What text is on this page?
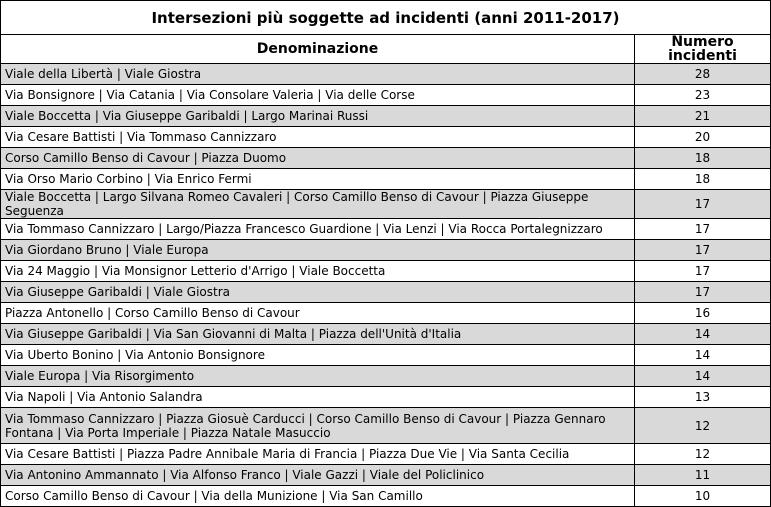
Intersezioni più soggette ad incidenti (anni 2011-2017)	
Denominazione	Numero incidenti
Viale della Libertà | Viale Giostra	28
Via Bonsignore | Via Catania | Via Consolare Valeria | Via delle Corse	23
Viale Boccetta | Via Giuseppe Garibaldi | Largo Marinai Russi	21
Via Cesare Battisti | Via Tommaso Cannizzaro	20
Corso Camillo Benso di Cavour | Piazza Duomo	18
Via Orso Mario Corbino | Via Enrico Fermi	18
Viale Boccetta | Largo Silvana Romeo Cavaleri | Corso Camillo Benso di Cavour | Piazza Giuseppe Seguenza	17
Via Tommaso Cannizzaro | Largo/Piazza Francesco Guardione | Via Lenzi | Via Rocca Portalegnizzaro	17
Via Giordano Bruno | Viale Europa	17
Via 24 Maggio | Via Monsignor Letterio d'Arrigo | Viale Boccetta	17
Via Giuseppe Garibaldi | Viale Giostra	17
Piazza Antonello | Corso Camillo Benso di Cavour	16
Via Giuseppe Garibaldi | Via San Giovanni di Malta | Piazza dell'Unità d'Italia	14
Via Uberto Bonino | Via Antonio Bonsignore	14
Viale Europa | Via Risorgimento	14
Via Napoli | Via Antonio Salandra	13
Via Tommaso Cannizzaro | Piazza Giosuè Carducci | Corso Camillo Benso di Cavour | Piazza Gennaro Fontana | Via Porta Imperiale | Piazza Natale Masuccio	12
Via Cesare Battisti | Piazza Padre Annibale Maria di Francia | Piazza Due Vie | Via Santa Cecilia	12
Via Antonino Ammannato | Via Alfonso Franco | Viale Gazzi | Viale del Policlinico	11
Corso Camillo Benso di Cavour | Via della Munizione | Via San Camillo	10
